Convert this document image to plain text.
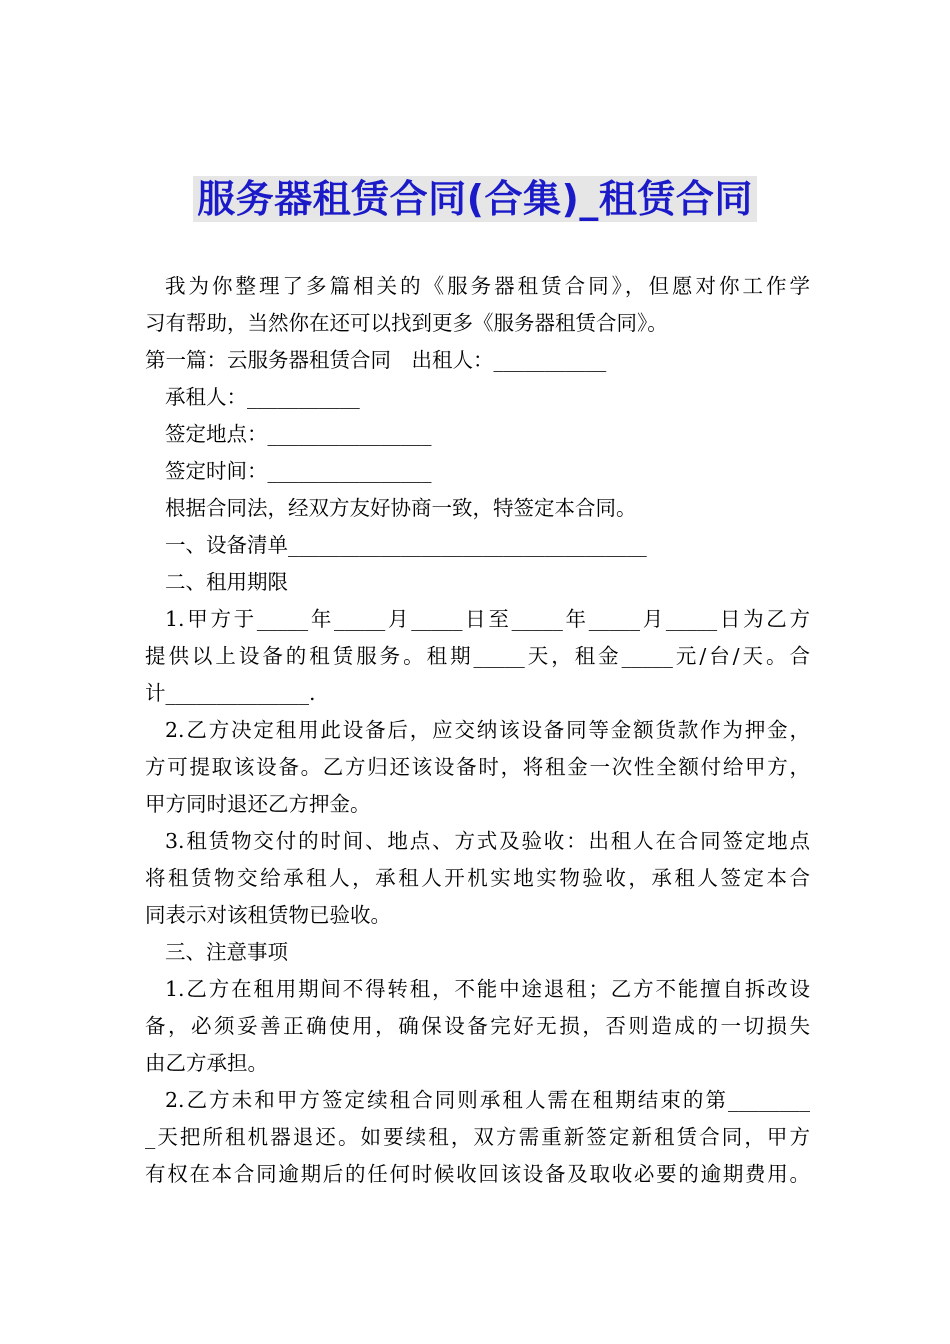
服务器租赁合同(合集)_租赁合同
我为你整理了多篇相关的《服务器租赁合同》，但愿对你工作学
习有帮助，当然你在还可以找到更多《服务器租赁合同》。
第一篇：云服务器租赁合同　出租人：___________
承租人：___________
签定地点：________________
签定时间：________________
根据合同法，经双方友好协商一致，特签定本合同。
一、设备清单___________________________________
二、租用期限
1.甲方于_____年_____月_____日至_____年_____月_____日为乙方
提供以上设备的租赁服务。租期_____天，租金_____元/台/天。合
计______________.
2.乙方决定租用此设备后，应交纳该设备同等金额货款作为押金，
方可提取该设备。乙方归还该设备时，将租金一次性全额付给甲方，
甲方同时退还乙方押金。
3.租赁物交付的时间、地点、方式及验收：出租人在合同签定地点
将租赁物交给承租人，承租人开机实地实物验收，承租人签定本合
同表示对该租赁物已验收。
三、注意事项
1.乙方在租用期间不得转租，不能中途退租；乙方不能擅自拆改设
备，必须妥善正确使用，确保设备完好无损，否则造成的一切损失
由乙方承担。
2.乙方未和甲方签定续租合同则承租人需在租期结束的第________
_天把所租机器退还。如要续租，双方需重新签定新租赁合同，甲方
有权在本合同逾期后的任何时候收回该设备及取收必要的逾期费用。
